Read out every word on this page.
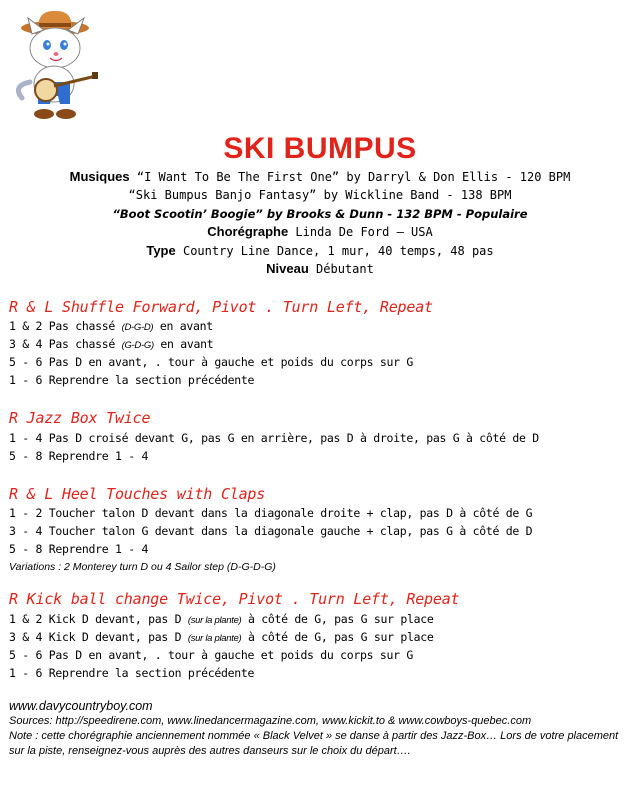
SKI BUMPUS
Musiques “I Want To Be The First One” by Darryl & Don Ellis - 120 BPM
“Ski Bumpus Banjo Fantasy” by Wickline Band - 138 BPM
“Boot Scootin’ Boogie” by Brooks & Dunn - 132 BPM - Populaire
Chorégraphe Linda De Ford – USA
Type Country Line Dance, 1 mur, 40 temps, 48 pas
Niveau Débutant
R & L Shuffle Forward, Pivot . Turn Left, Repeat
1 & 2 Pas chassé (D-G-D) en avant
3 & 4 Pas chassé (G-D-G) en avant
5 - 6 Pas D en avant, . tour à gauche et poids du corps sur G
1 - 6 Reprendre la section précédente
R Jazz Box Twice
1 - 4 Pas D croisé devant G, pas G en arrière, pas D à droite, pas G à côté de D
5 - 8 Reprendre 1 - 4
R & L Heel Touches with Claps
1 - 2 Toucher talon D devant dans la diagonale droite + clap, pas D à côté de G
3 - 4 Toucher talon G devant dans la diagonale gauche + clap, pas G à côté de D
5 - 8 Reprendre 1 - 4
Variations : 2 Monterey turn D ou 4 Sailor step (D-G-D-G)
R Kick ball change Twice, Pivot . Turn Left, Repeat
1 & 2 Kick D devant, pas D (sur la plante) à côté de G, pas G sur place
3 & 4 Kick D devant, pas D (sur la plante) à côté de G, pas G sur place
5 - 6 Pas D en avant, . tour à gauche et poids du corps sur G
1 - 6 Reprendre la section précédente
www.davycountryboy.com
Sources: http://speedirene.com, www.linedancermagazine.com, www.kickit.to & www.cowboys-quebec.com
Note : cette chorégraphie anciennement nommée « Black Velvet » se danse à partir des Jazz-Box… Lors de votre placement sur la piste, renseignez-vous auprès des autres danseurs sur le choix du départ….
